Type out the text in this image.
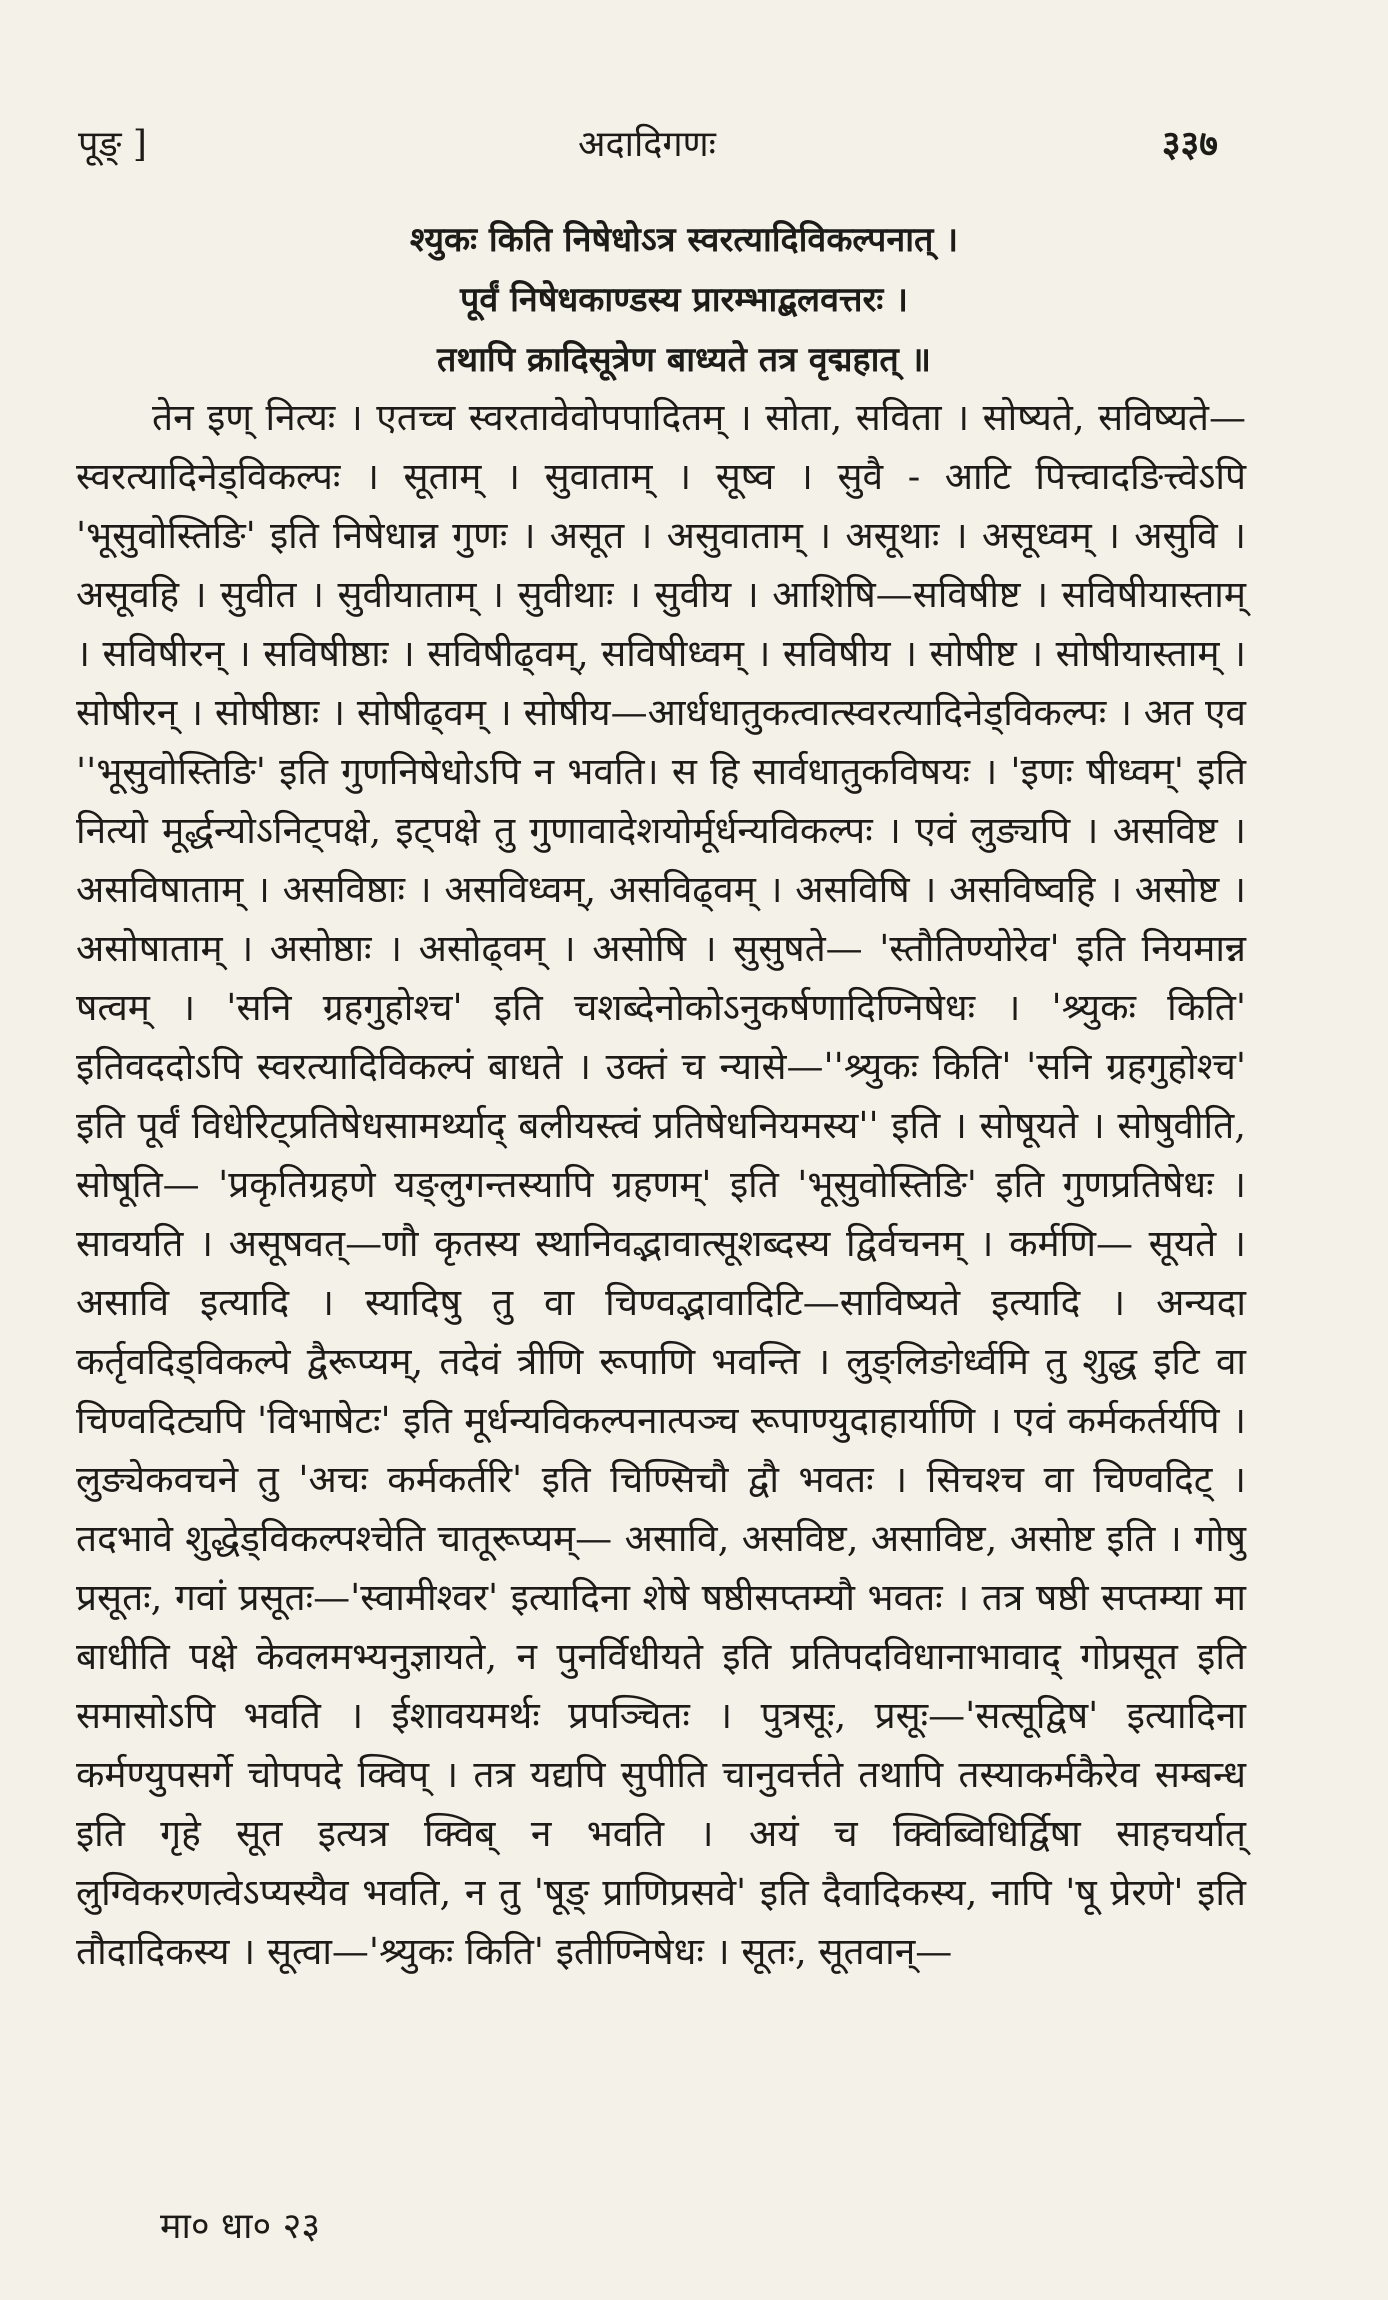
पूङ् ]	अदादिगणः	३३७
श्युकः किति निषेधोऽत्र स्वरत्यादिविकल्पनात् ।
पूर्वं निषेधकाण्डस्य प्रारम्भाद्बलवत्तरः ।
तथापि क्रादिसूत्रेण बाध्यते तत्र वृद्महात् ॥

तेन इण् नित्यः । एतच्च स्वरतावेवोपपादितम् । सोता, सविता । सोष्यते, सविष्यते—स्वरत्यादिनेड्विकल्पः । सूताम् । सुवाताम् । सूष्व । सुवै - आटि पित्त्वादङित्त्वेऽपि 'भूसुवोस्तिङि' इति निषेधान्न गुणः । असूत । असुवाताम् । असूथाः । असूध्वम् । असुवि । असूवहि । सुवीत । सुवीयाताम् । सुवीथाः । सुवीय । आशिषि—सविषीष्ट । सविषीयास्ताम् । सविषीरन् । सविषीष्ठाः । सविषीढ्वम्, सविषीध्वम् । सविषीय । सोषीष्ट । सोषीयास्ताम् । सोषीरन् । सोषीष्ठाः । सोषीढ्वम् । सोषीय—आर्धधातुकत्वात्स्वरत्यादिनेड्विकल्पः । अत एव ''भूसुवोस्तिङि' इति गुणनिषेधोऽपि न भवति। स हि सार्वधातुकविषयः । 'इणः षीध्वम्' इति नित्यो मूर्द्धन्योऽनिट्पक्षे, इट्पक्षे तु गुणावादेशयोर्मूर्धन्यविकल्पः । एवं लुङ्यपि । असविष्ट । असविषाताम् । असविष्ठाः । असविध्वम्, असविढ्वम् । असविषि । असविष्वहि । असोष्ट । असोषाताम् । असोष्ठाः । असोढ्वम् । असोषि । सुसुषते— 'स्तौतिण्योरेव' इति नियमान्न षत्वम् । 'सनि ग्रहगुहोश्च' इति चशब्देनोकोऽनुकर्षणादिण्निषेधः । 'श्र्युकः किति' इतिवददोऽपि स्वरत्यादिविकल्पं बाधते । उक्तं च न्यासे—''श्र्युकः किति' 'सनि ग्रहगुहोश्च' इति पूर्वं विधेरिट्प्रतिषेधसामर्थ्याद् बलीयस्त्वं प्रतिषेधनियमस्य'' इति । सोषूयते । सोषुवीति, सोषूति— 'प्रकृतिग्रहणे यङ्लुगन्तस्यापि ग्रहणम्' इति 'भूसुवोस्तिङि' इति गुणप्रतिषेधः । सावयति । असूषवत्—णौ कृतस्य स्थानिवद्भावात्सूशब्दस्य द्विर्वचनम् । कर्मणि— सूयते । असावि इत्यादि । स्यादिषु तु वा चिण्वद्भावादिटि—साविष्यते इत्यादि । अन्यदा कर्तृवदिड्विकल्पे द्वैरूप्यम्, तदेवं त्रीणि रूपाणि भवन्ति । लुङ्लिङोर्ध्वमि तु शुद्ध इटि वा चिण्वदिट्यपि 'विभाषेटः' इति मूर्धन्यविकल्पनात्पञ्च रूपाण्युदाहार्याणि । एवं कर्मकर्तर्यपि । लुङ्येकवचने तु 'अचः कर्मकर्तरि' इति चिण्सिचौ द्वौ भवतः । सिचश्च वा चिण्वदिट् । तदभावे शुद्धेड्विकल्पश्चेति चातूरूप्यम्— असावि, असविष्ट, असाविष्ट, असोष्ट इति । गोषु प्रसूतः, गवां प्रसूतः—'स्वामीश्वर' इत्यादिना शेषे षष्ठीसप्तम्यौ भवतः । तत्र षष्ठी सप्तम्या मा बाधीति पक्षे केवलमभ्यनुज्ञायते, न पुनर्विधीयते इति प्रतिपदविधानाभावाद् गोप्रसूत इति समासोऽपि भवति । ईशावयमर्थः प्रपञ्चितः । पुत्रसूः, प्रसूः—'सत्सूद्विष' इत्यादिना कर्मण्युपसर्गे चोपपदे क्विप् । तत्र यद्यपि सुपीति चानुवर्त्तते तथापि तस्याकर्मकैरेव सम्बन्ध इति गृहे सूत इत्यत्र क्विब् न भवति । अयं च क्विब्विधिर्द्विषा साहचर्यात् लुग्विकरणत्वेऽप्यस्यैव भवति, न तु 'षूङ् प्राणिप्रसवे' इति दैवादिकस्य, नापि 'षू प्रेरणे' इति तौदादिकस्य । सूत्वा—'श्र्युकः किति' इतीण्निषेधः । सूतः, सूतवान्—

मा० धा० २३
